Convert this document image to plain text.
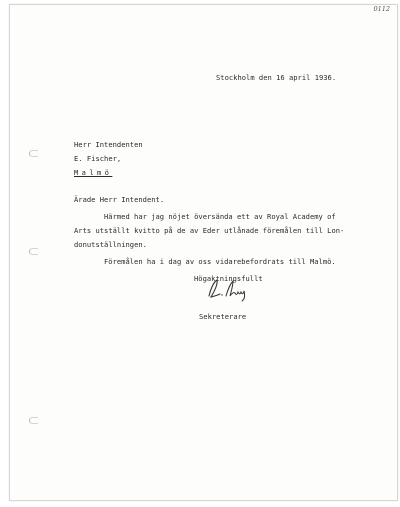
0112
Stockholm den 16 april 1936.
Herr Intendenten
E. Fischer,
Malmö
Ärade Herr Intendent.
Härmed har jag nöjet översända ett av Royal Academy of
Arts utställt kvitto på de av Eder utlånade föremålen till Lon-
donutställningen.
Föremålen ha i dag av oss vidarebefordrats till Malmö.
Högaktningsfullt
Sekreterare
